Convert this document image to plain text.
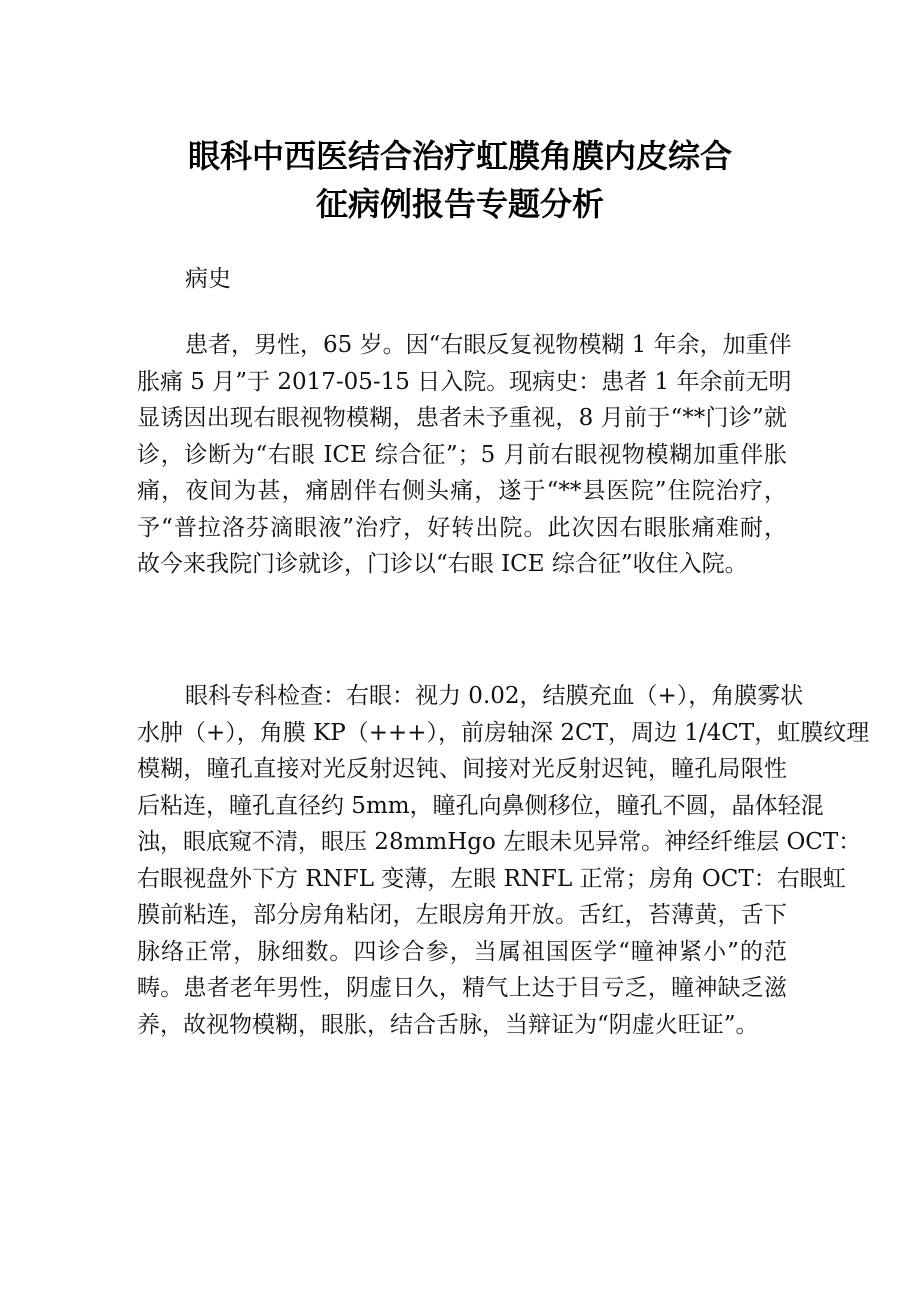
眼科中西医结合治疗虹膜角膜内皮综合
征病例报告专题分析
病史
患者，男性，65 岁。因“右眼反复视物模糊 1 年余，加重伴
胀痛 5 月”于 2017-05-15 日入院。现病史：患者 1 年余前无明
显诱因出现右眼视物模糊，患者未予重视，8 月前于“**门诊”就
诊，诊断为“右眼 ICE 综合征”；5 月前右眼视物模糊加重伴胀
痛，夜间为甚，痛剧伴右侧头痛，遂于“**县医院”住院治疗，
予“普拉洛芬滴眼液”治疗，好转出院。此次因右眼胀痛难耐，
故今来我院门诊就诊，门诊以“右眼 ICE 综合征”收住入院。
眼科专科检查：右眼：视力 0.02，结膜充血（+），角膜雾状
水肿（+），角膜 KP（+++），前房轴深 2CT，周边 1/4CT，虹膜纹理
模糊，瞳孔直接对光反射迟钝、间接对光反射迟钝，瞳孔局限性
后粘连，瞳孔直径约 5mm，瞳孔向鼻侧移位，瞳孔不圆，晶体轻混
浊，眼底窥不清，眼压 28mmHgo 左眼未见异常。神经纤维层 OCT：
右眼视盘外下方 RNFL 变薄，左眼 RNFL 正常；房角 OCT：右眼虹
膜前粘连，部分房角粘闭，左眼房角开放。舌红，苔薄黄，舌下
脉络正常，脉细数。四诊合参，当属祖国医学“瞳神紧小”的范
畴。患者老年男性，阴虚日久，精气上达于目亏乏，瞳神缺乏滋
养，故视物模糊，眼胀，结合舌脉，当辩证为“阴虚火旺证”。
